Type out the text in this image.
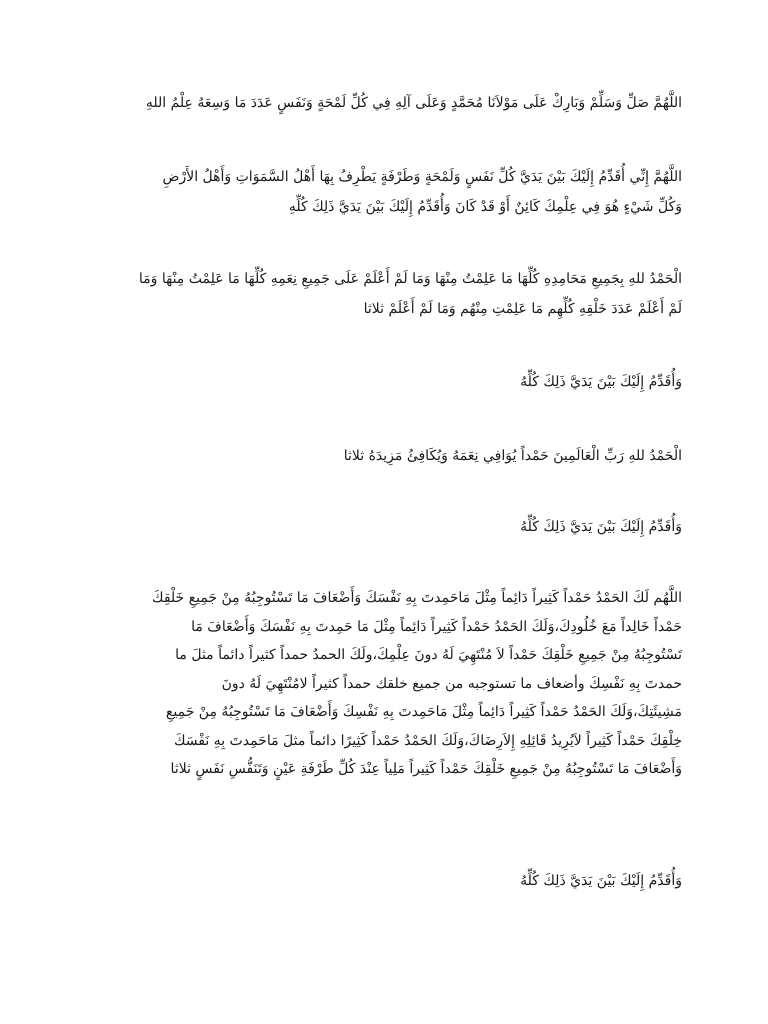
اللَّهُمَّ صَلِّ وَسَلِّمْ وَبَارِكْ عَلَى مَوْلاَنَا مُحَمَّدٍ وَعَلَى آلِهِ فِي كُلِّ لَمْحَةٍ وَنَفَسٍ عَدَدَ مَا وَسِعَهُ عِلْمُ اللهِ

اللَّهُمَّ إِنِّي أُقَدِّمُ إِلَيْكَ بَيْنَ يَدَيَّ كُلِّ نَفَسٍ وَلَمْحَةٍ وَطَرْفَةٍ يَطْرِفُ بِهَا أَهْلُ السَّمَوَاتِ وَأَهْلُ الأَرْضِ
وَكُلِّ شَيْءٍ هُوَ فِي عِلْمِكَ كَائِنٌ أَوْ قَدْ كَانَ وَأُقَدِّمُ إِلَيْكَ بَيْنَ يَدَيَّ ذَلِكَ كُلِّهِ

الْحَمْدُ للهِ بِجَمِيعِ مَحَامِدِهِ كُلِّهَا مَا عَلِمْتُ مِنْهَا وَمَا لَمْ أَعْلَمْ عَلَى جَمِيعِ نِعَمِهِ كُلِّهَا مَا عَلِمْتُ مِنْهَا وَمَا
لَمْ أَعْلَمْ عَدَدَ خَلْقِهِ كُلِّهِم مَا عَلِمْتِ مِنْهُم وَمَا لَمْ أَعْلَمْ ثلاثا

وَأُقَدِّمُ إِلَيْكَ بَيْنَ يَدَيَّ ذَلِكَ كُلِّهُ

الْحَمْدُ للهِ رَبِّ الْعَالَمِينَ حَمْداً يُوَافِي نِعَمَهُ وَيُكَافِئُ مَزِيدَهُ ثلاثا

وَأُقَدِّمُ إِلَيْكَ بَيْنَ يَدَيَّ ذَلِكَ كُلِّهُ

اللَّهُم لَكَ الحَمْدُ حَمْداً كَثِيراً دَائِماً مِثْلَ مَاحَمِدتَ بِهِ نَفْسَكَ وَأَضْعَافَ مَا تَسْتُوجِبُهُ مِنْ جَمِيعِ خَلْقِكَ
حَمْداً خَالِداً مَعَ خُلُودِكَ،وَلَكَ الحَمْدُ حَمْداً كَثِيراً دَائِماً مِثْلَ مَا حَمِدتَ بِهِ نَفْسَكَ وَأَضْعَافَ مَا
تَسْتُوجِبُهُ مِنْ جَمِيعِ خَلْقِكَ حَمْداً لاَ مُنْتَهِيَ لَهُ دونَ عِلْمِكَ،ولَكَ الحمدُ حمداً كثيراً دائماً مثلَ ما
حمدتَ بِهِ نَفْسِكَ وأضعاف ما تستوجبه من جميع خلقك حمداً كثيراً لامُنْتَهِيَ لَهُ دونَ
مَشِيئَتِكَ،وَلَكَ الحَمْدُ حَمْداً كَثِيراً دَائِماً مِثْلَ مَاحَمِدتَ بِهِ نَفْسِكَ وَأَضْعَافَ مَا تَسْتُوجِبُهُ مِنْ جَمِيعِ
خِلْقِكَ حَمْداً كَثِيراً لاَيُرِيدُ قَائِلِهِ إِلاَرِضَاكَ،وَلَكَ الحَمْدُ حَمْداً كَثِيرًا دائماً مثلَ مَاحَمِدتَ بِهِ نَفْسَكَ
وَأَضْعَافَ مَا تَسْتُوجِبُهُ مِنْ جَمِيعِ خَلْقِكَ حَمْداً كَثِيراً مَلِياً عِنْدَ كُلِّ طَرْفَةِ عَيْنٍ وَتَنَفُّسِ نَفَسٍ ثلاثا

وَأُقَدِّمُ إِلَيْكَ بَيْنَ يَدَيَّ ذَلِكَ كُلِّهُ
